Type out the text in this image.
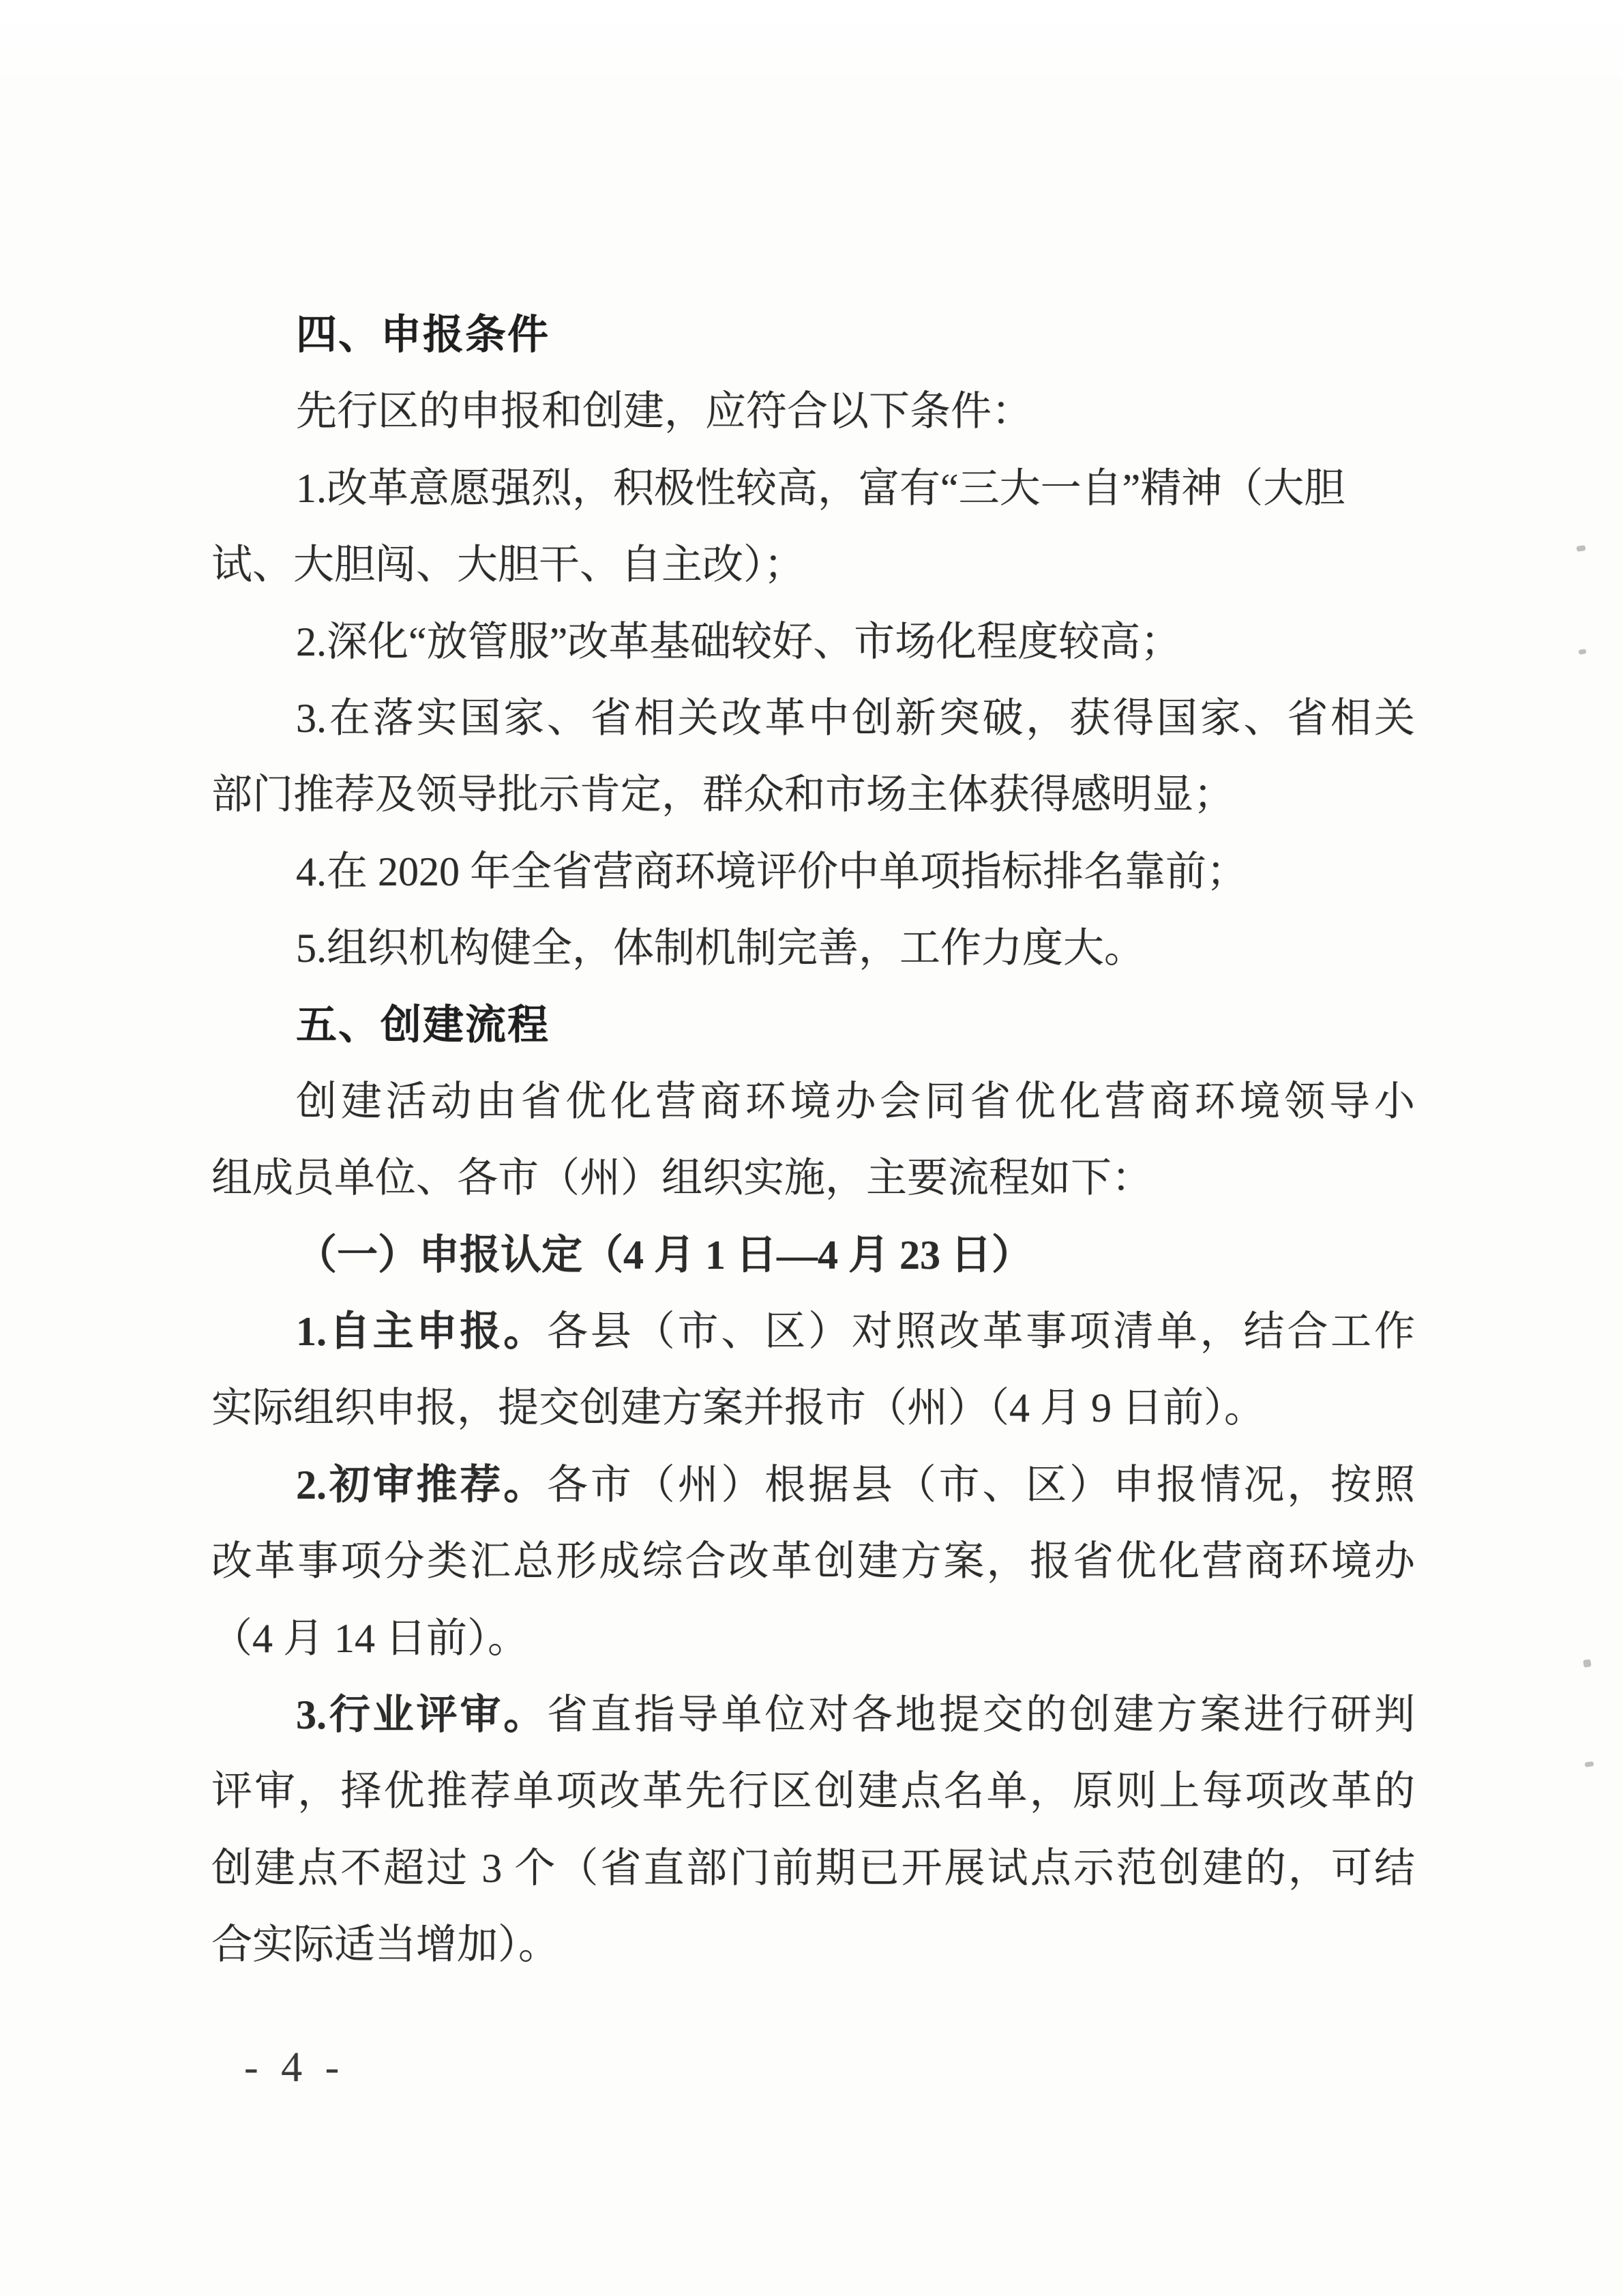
四、申报条件
先行区的申报和创建，应符合以下条件：
1.改革意愿强烈，积极性较高，富有“三大一自”精神（大胆
试、大胆闯、大胆干、自主改）；
2.深化“放管服”改革基础较好、市场化程度较高；
3.在落实国家、省相关改革中创新突破，获得国家、省相关
部门推荐及领导批示肯定，群众和市场主体获得感明显；
4.在 2020 年全省营商环境评价中单项指标排名靠前；
5.组织机构健全，体制机制完善，工作力度大。
五、创建流程
创建活动由省优化营商环境办会同省优化营商环境领导小
组成员单位、各市（州）组织实施，主要流程如下：
（一）申报认定（4 月 1 日—4 月 23 日）
1.自主申报。各县（市、区）对照改革事项清单，结合工作
实际组织申报，提交创建方案并报市（州）（4 月 9 日前）。
2.初审推荐。各市（州）根据县（市、区）申报情况，按照
改革事项分类汇总形成综合改革创建方案，报省优化营商环境办
（4 月 14 日前）。
3.行业评审。省直指导单位对各地提交的创建方案进行研判
评审，择优推荐单项改革先行区创建点名单，原则上每项改革的
创建点不超过 3 个（省直部门前期已开展试点示范创建的，可结
合实际适当增加）。
- 4 -
